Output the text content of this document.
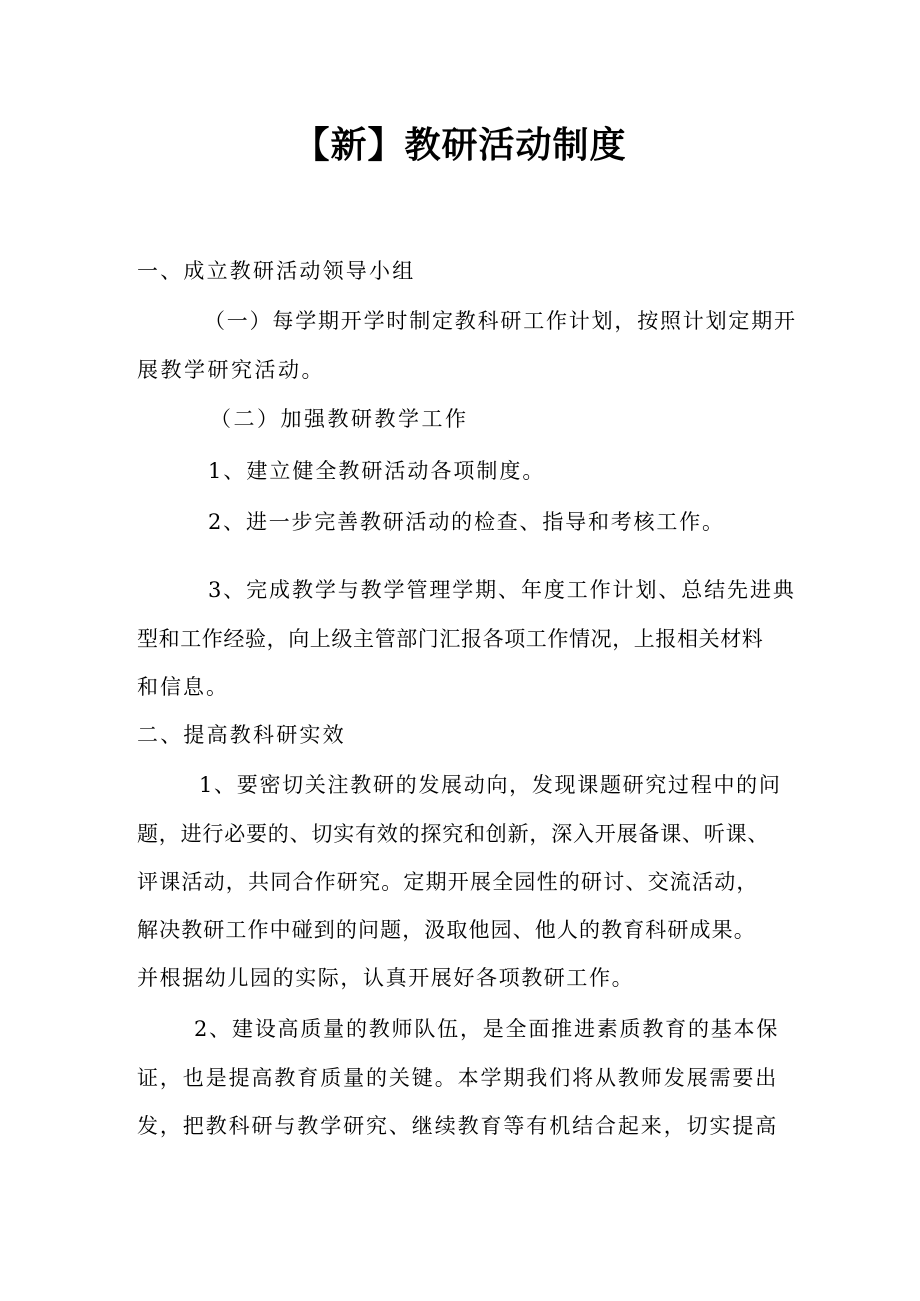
【新】教研活动制度
一、成立教研活动领导小组
（一）每学期开学时制定教科研工作计划，按照计划定期开
展教学研究活动。
（二）加强教研教学工作
1、建立健全教研活动各项制度。
2、进一步完善教研活动的检查、指导和考核工作。
3、完成教学与教学管理学期、年度工作计划、总结先进典
型和工作经验，向上级主管部门汇报各项工作情况，上报相关材料
和信息。
二、提高教科研实效
1、要密切关注教研的发展动向，发现课题研究过程中的问
题，进行必要的、切实有效的探究和创新，深入开展备课、听课、
评课活动，共同合作研究。定期开展全园性的研讨、交流活动，
解决教研工作中碰到的问题，汲取他园、他人的教育科研成果。
并根据幼儿园的实际，认真开展好各项教研工作。
2、建设高质量的教师队伍，是全面推进素质教育的基本保
证，也是提高教育质量的关键。本学期我们将从教师发展需要出
发，把教科研与教学研究、继续教育等有机结合起来，切实提高
